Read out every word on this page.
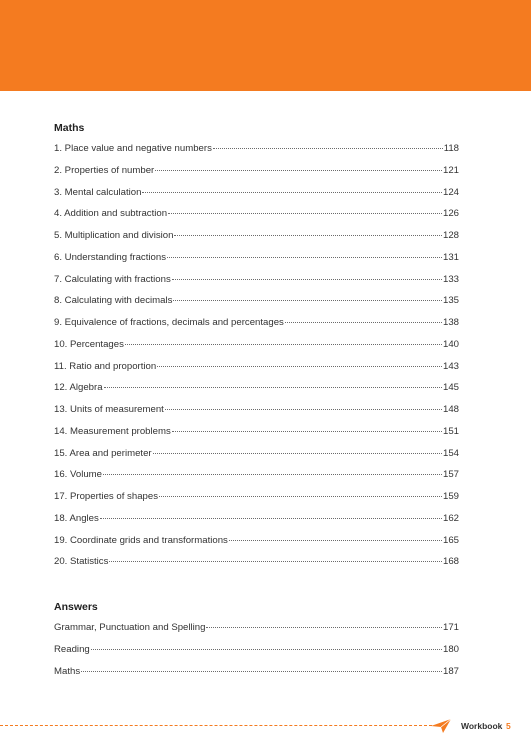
Maths
1. Place value and negative numbers	118
2. Properties of number	121
3. Mental calculation	124
4. Addition and subtraction	126
5. Multiplication and division	128
6. Understanding fractions	131
7. Calculating with fractions	133
8. Calculating with decimals	135
9. Equivalence of fractions, decimals and percentages	138
10. Percentages	140
11. Ratio and proportion	143
12. Algebra	145
13. Units of measurement	148
14. Measurement problems	151
15. Area and perimeter	154
16. Volume	157
17. Properties of shapes	159
18. Angles	162
19. Coordinate grids and transformations	165
20. Statistics	168
Answers
Grammar, Punctuation and Spelling	171
Reading	180
Maths	187
Workbook 5
